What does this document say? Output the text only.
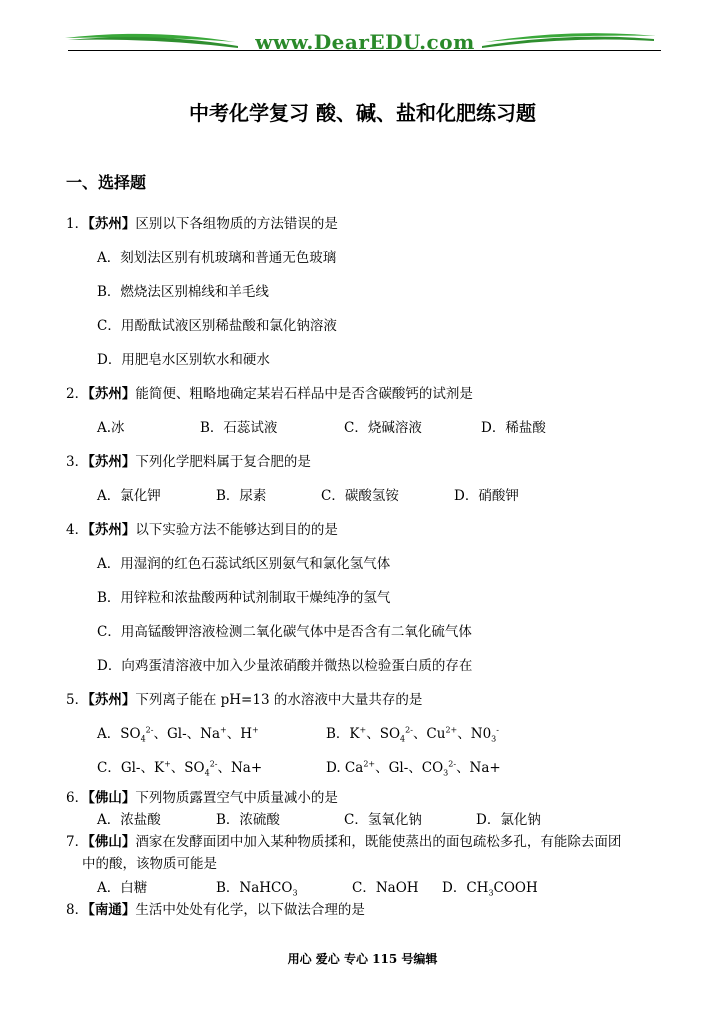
www.DearEDU.com
中考化学复习 酸、碱、盐和化肥练习题
一、选择题
1．【苏州】区别以下各组物质的方法错误的是
A．刻划法区别有机玻璃和普通无色玻璃
B．燃烧法区别棉线和羊毛线
C．用酚酞试液区别稀盐酸和氯化钠溶液
D．用肥皂水区别软水和硬水
2．【苏州】能简便、粗略地确定某岩石样品中是否含碳酸钙的试剂是
A.冰	B．石蕊试液	C．烧碱溶液	D．稀盐酸
3．【苏州】下列化学肥料属于复合肥的是
A．氯化钾	B．尿素	C．碳酸氢铵	D．硝酸钾
4．【苏州】以下实验方法不能够达到目的的是
A．用湿润的红色石蕊试纸区别氨气和氯化氢气体
B．用锌粒和浓盐酸两种试剂制取干燥纯净的氢气
C．用高锰酸钾溶液检测二氧化碳气体中是否含有二氧化硫气体
D．向鸡蛋清溶液中加入少量浓硝酸并微热以检验蛋白质的存在
5．【苏州】下列离子能在 pH=13 的水溶液中大量共存的是
A．$SO_4^{2-}$、Gl-、Na+、H+	B．K+、$SO_4^{2-}$、$Cu^{2+}$、$N0_3^-$
C．Gl-、K+、$SO_4^{2-}$、Na+	D. $Ca^{2+}$、Gl-、$CO_3^{2-}$、Na+
6．【佛山】下列物质露置空气中质量减小的是
A．浓盐酸	B．浓硫酸	C．氢氧化钠	D．氯化钠
7．【佛山】酒家在发酵面团中加入某种物质揉和，既能使蒸出的面包疏松多孔，有能除去面团
中的酸，该物质可能是
A．白糖	B．NaHCO$_3$	C．NaOH D．$CH_3COOH$
8．【南通】生活中处处有化学，以下做法合理的是
用心 爱心 专心 115 号编辑
